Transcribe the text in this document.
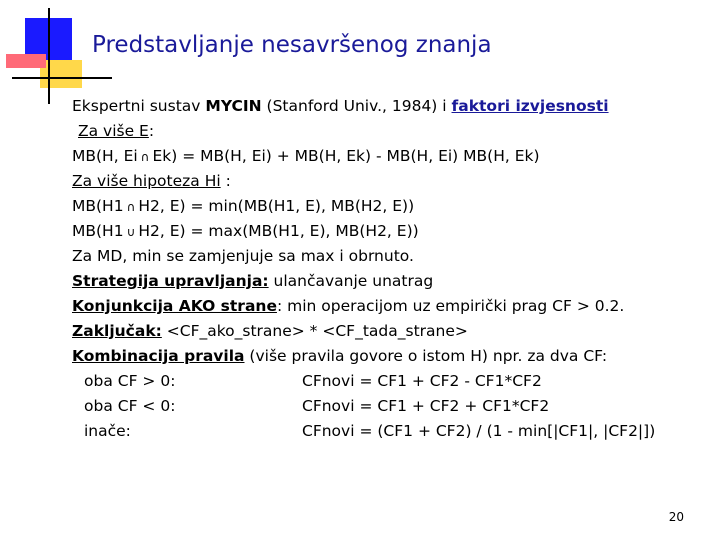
Predstavljanje nesavršenog znanja
Ekspertni sustav MYCIN (Stanford Univ., 1984) i faktori izvjesnosti
Za više E:
MB(H, Ei ∩ Ek) = MB(H, Ei) + MB(H, Ek) - MB(H, Ei) MB(H, Ek)
Za više hipoteza Hi :
MB(H1 ∩ H2, E) = min(MB(H1, E), MB(H2, E))
MB(H1 ∪ H2, E) = max(MB(H1, E), MB(H2, E))
Za MD, min se zamjenjuje sa max i obrnuto.
Strategija upravljanja: ulančavanje unatrag
Konjunkcija AKO strane: min operacijom uz empirički prag CF > 0.2.
Zaključak: <CF_ako_strane> * <CF_tada_strane>
Kombinacija pravila (više pravila govore o istom H) npr. za dva CF:
oba CF > 0:	CFnovi = CF1 + CF2 - CF1*CF2
oba CF < 0:	CFnovi = CF1 + CF2 + CF1*CF2
inače:	CFnovi = (CF1 + CF2) / (1 - min[|CF1|, |CF2|])
20
